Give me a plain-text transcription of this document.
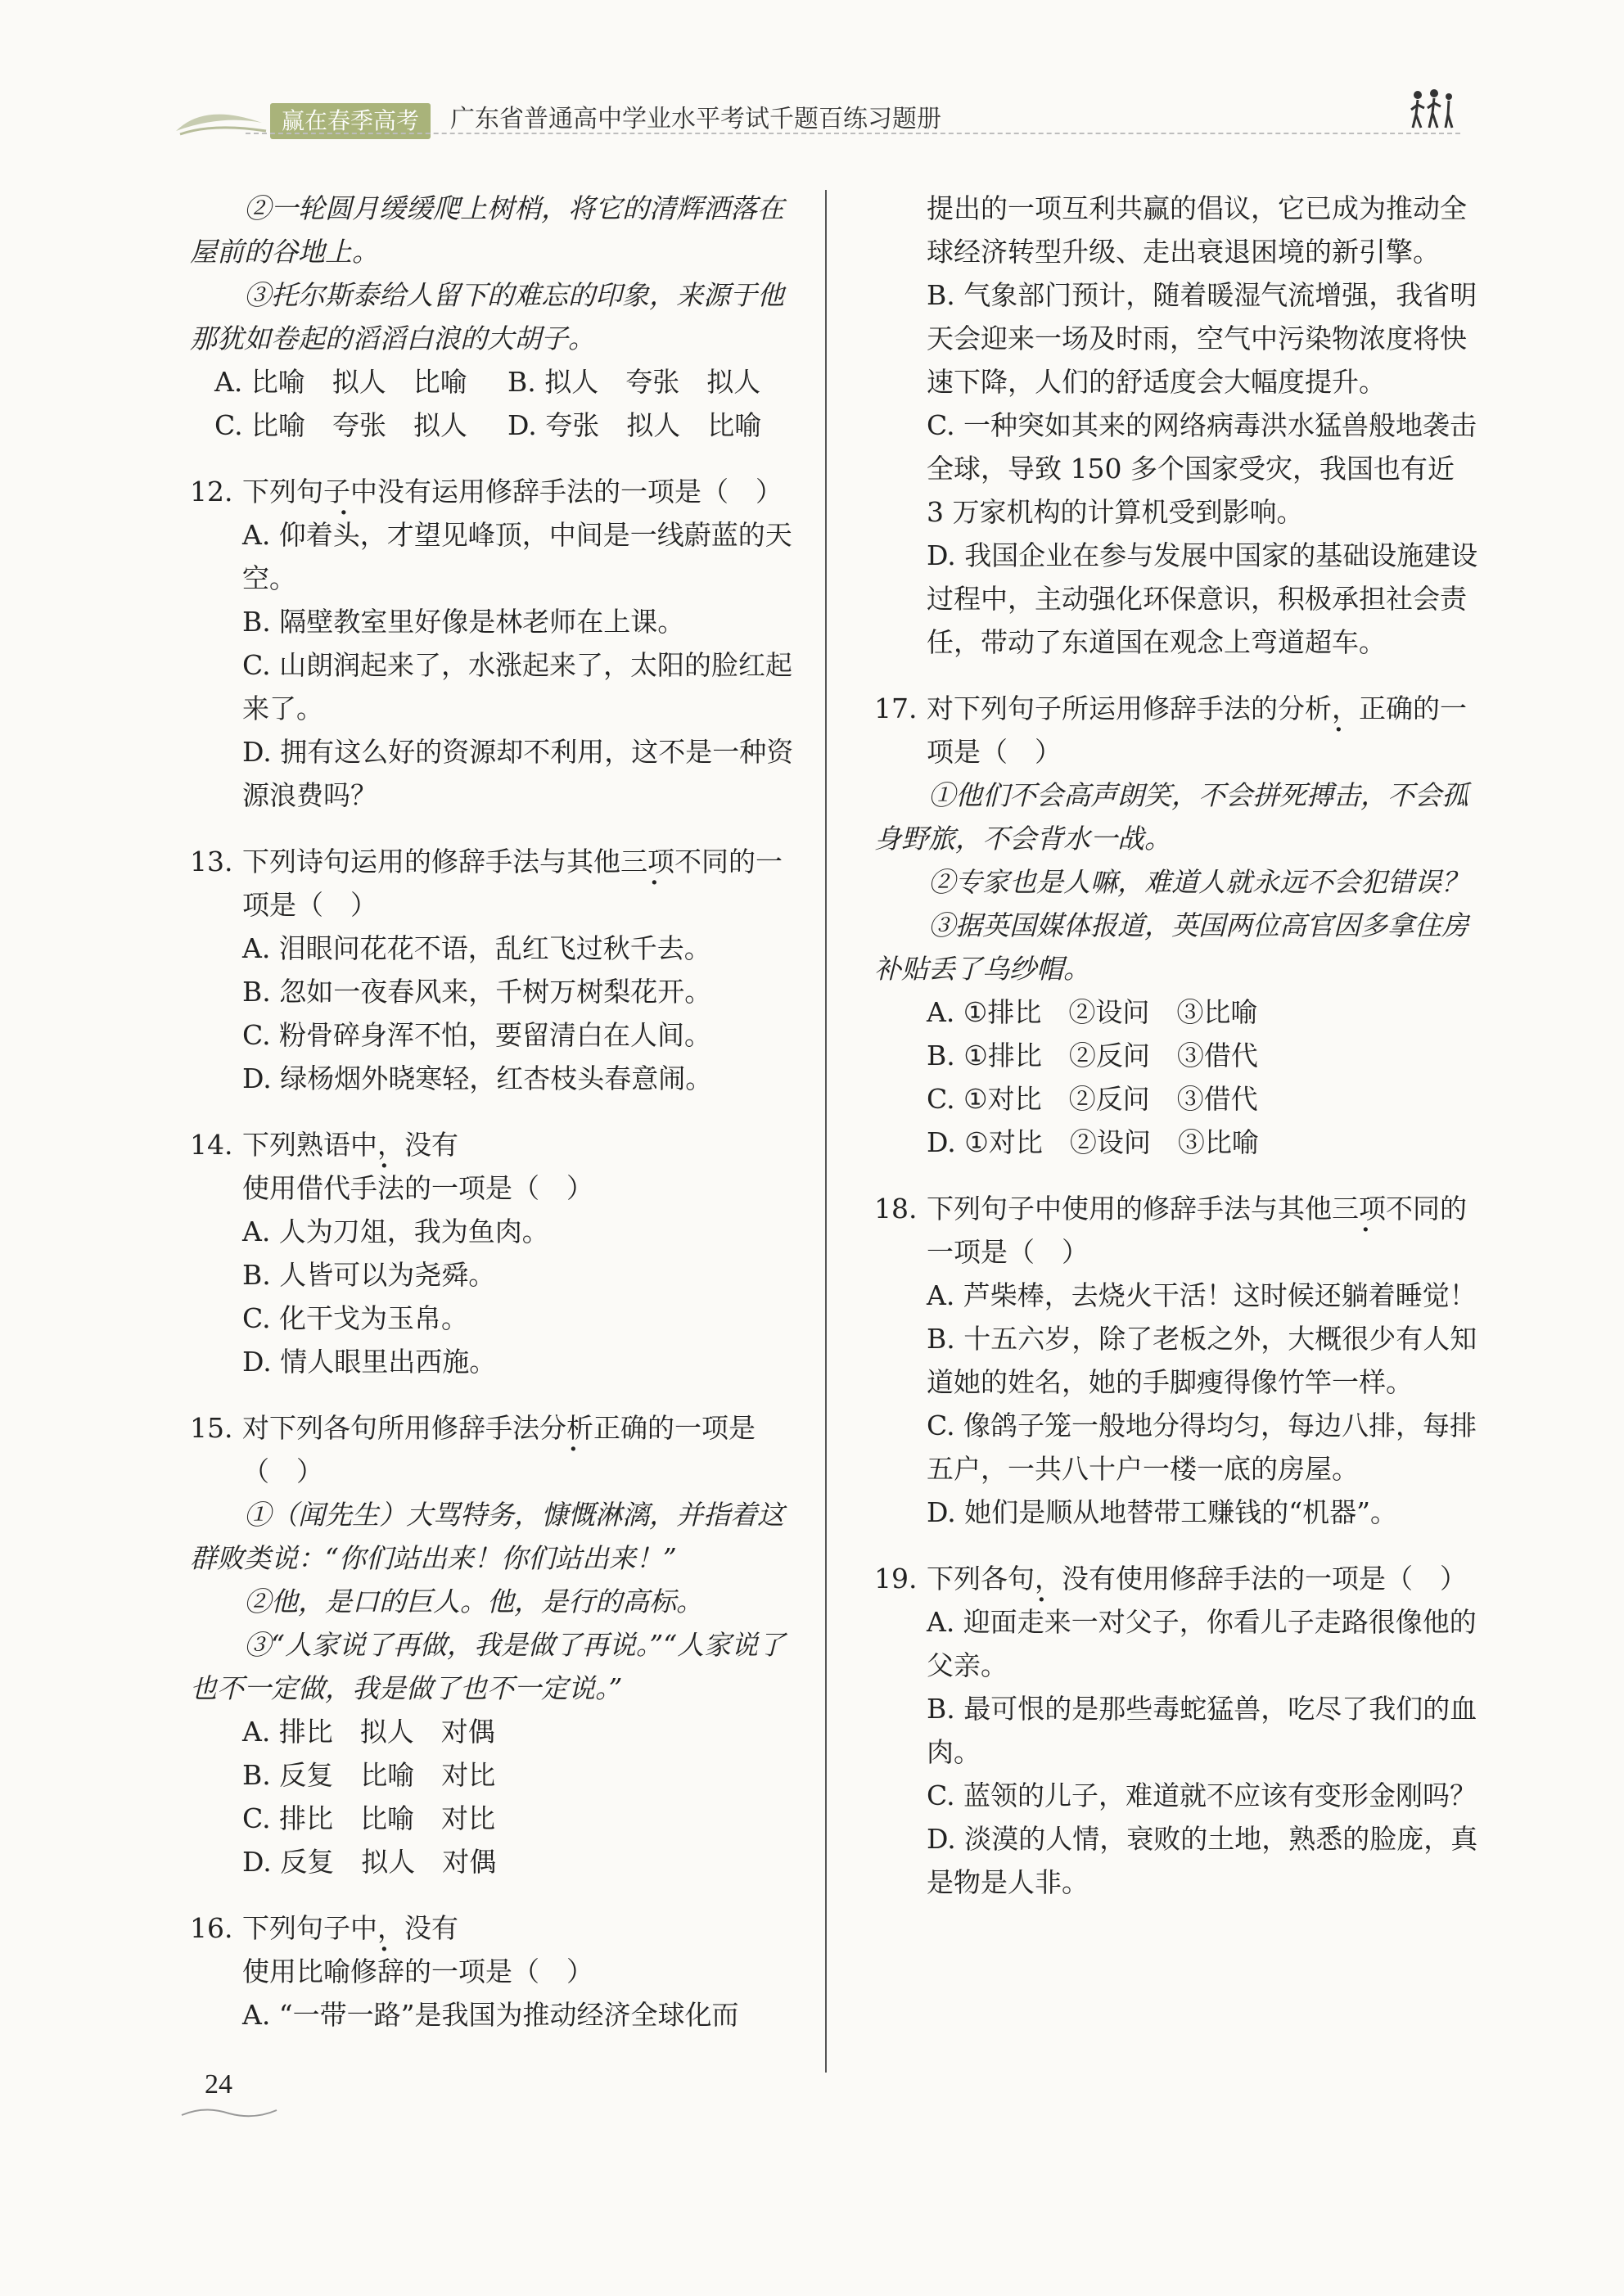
赢在春季高考	广东省普通高中学业水平考试千题百练习题册
②一轮圆月缓缓爬上树梢，将它的清辉洒落在屋前的谷地上。
③托尔斯泰给人留下的难忘的印象，来源于他那犹如卷起的滔滔白浪的大胡子。
A. 比喻　拟人　比喻	B. 拟人　夸张　拟人
C. 比喻　夸张　拟人	D. 夸张　拟人　比喻
12. 下列句子中没有运用修辞手法的一项是（　）
A. 仰着头，才望见峰顶，中间是一线蔚蓝的天空。
B. 隔壁教室里好像是林老师在上课。
C. 山朗润起来了，水涨起来了，太阳的脸红起来了。
D. 拥有这么好的资源却不利用，这不是一种资源浪费吗？
13. 下列诗句运用的修辞手法与其他三项不同的一项是（　）
A. 泪眼问花花不语，乱红飞过秋千去。
B. 忽如一夜春风来，千树万树梨花开。
C. 粉骨碎身浑不怕，要留清白在人间。
D. 绿杨烟外晓寒轻，红杏枝头春意闹。
14. 下列熟语中，没有使用借代手法的一项是（　）
A. 人为刀俎，我为鱼肉。
B. 人皆可以为尧舜。
C. 化干戈为玉帛。
D. 情人眼里出西施。
15. 对下列各句所用修辞手法分析正确的一项是（　）
①（闻先生）大骂特务，慷慨淋漓，并指着这群败类说：“你们站出来！你们站出来！”
②他，是口的巨人。他，是行的高标。
③“人家说了再做，我是做了再说。”“人家说了也不一定做，我是做了也不一定说。”
A. 排比　拟人　对偶
B. 反复　比喻　对比
C. 排比　比喻　对比
D. 反复　拟人　对偶
16. 下列句子中，没有使用比喻修辞的一项是（　）
A. “一带一路”是我国为推动经济全球化而
提出的一项互利共赢的倡议，它已成为推动全球经济转型升级、走出衰退困境的新引擎。
B. 气象部门预计，随着暖湿气流增强，我省明天会迎来一场及时雨，空气中污染物浓度将快速下降，人们的舒适度会大幅度提升。
C. 一种突如其来的网络病毒洪水猛兽般地袭击全球，导致 150 多个国家受灾，我国也有近 3 万家机构的计算机受到影响。
D. 我国企业在参与发展中国家的基础设施建设过程中，主动强化环保意识，积极承担社会责任，带动了东道国在观念上弯道超车。
17. 对下列句子所运用修辞手法的分析，正确的一项是（　）
①他们不会高声朗笑，不会拼死搏击，不会孤身野旅，不会背水一战。
②专家也是人嘛，难道人就永远不会犯错误？
③据英国媒体报道，英国两位高官因多拿住房补贴丢了乌纱帽。
A. ①排比　②设问　③比喻
B. ①排比　②反问　③借代
C. ①对比　②反问　③借代
D. ①对比　②设问　③比喻
18. 下列句子中使用的修辞手法与其他三项不同的一项是（　）
A. 芦柴棒，去烧火干活！这时候还躺着睡觉！
B. 十五六岁，除了老板之外，大概很少有人知道她的姓名，她的手脚瘦得像竹竿一样。
C. 像鸽子笼一般地分得均匀，每边八排，每排五户，一共八十户一楼一底的房屋。
D. 她们是顺从地替带工赚钱的“机器”。
19. 下列各句，没有使用修辞手法的一项是（　）
A. 迎面走来一对父子，你看儿子走路很像他的父亲。
B. 最可恨的是那些毒蛇猛兽，吃尽了我们的血肉。
C. 蓝领的儿子，难道就不应该有变形金刚吗？
D. 淡漠的人情，衰败的土地，熟悉的脸庞，真是物是人非。
24
